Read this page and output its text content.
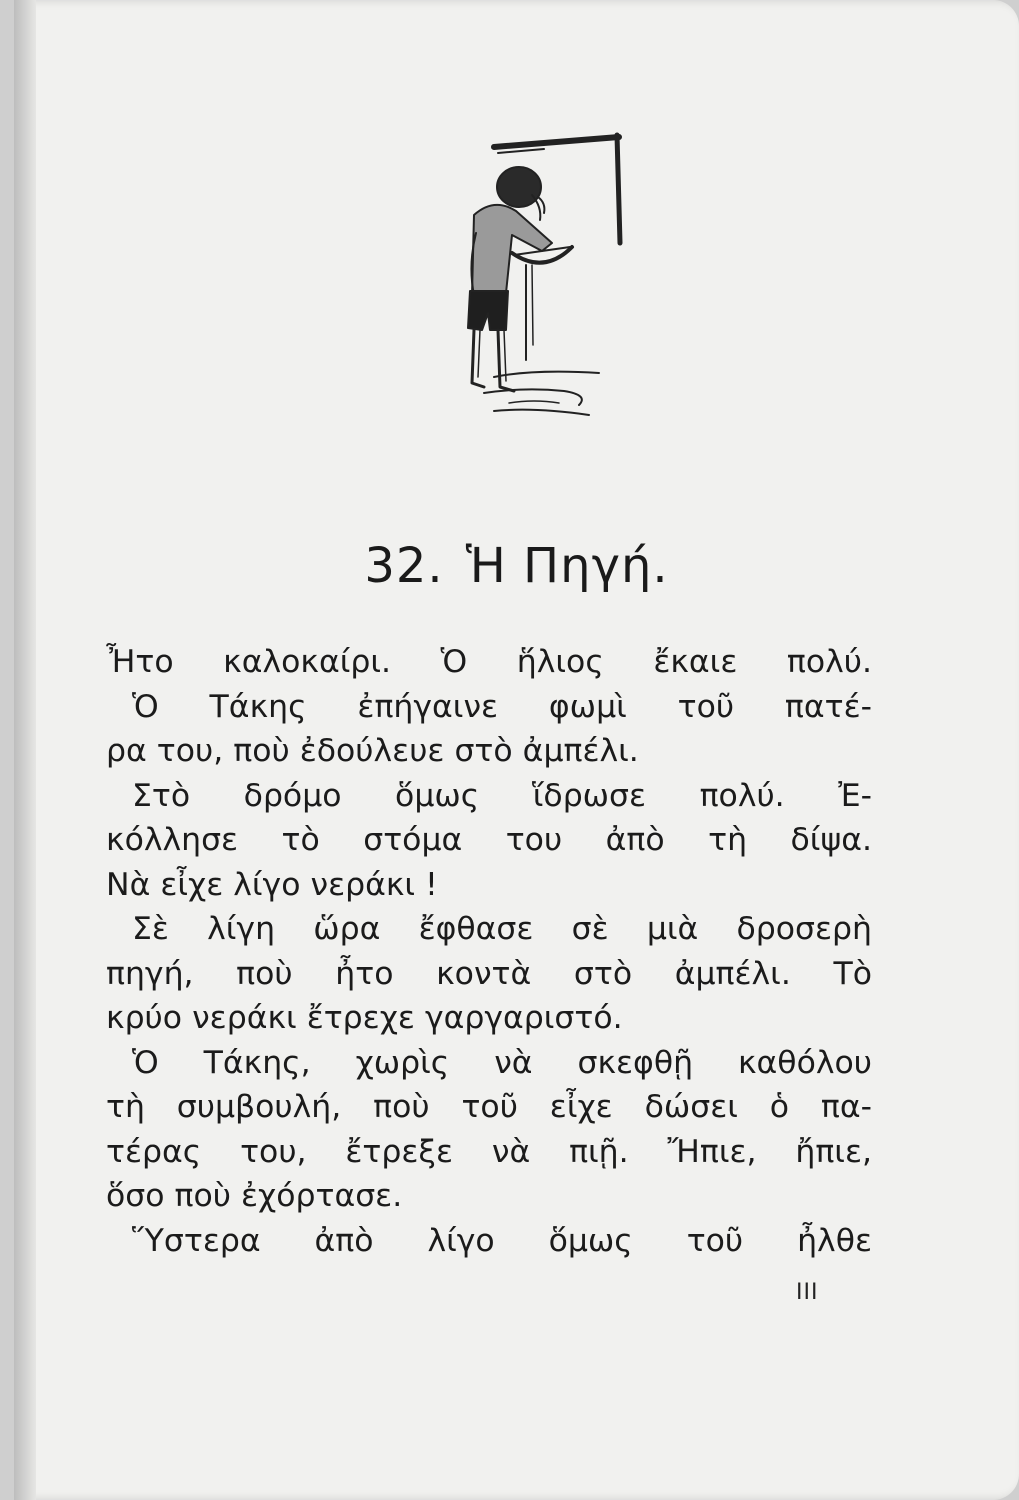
32. Ἡ Πηγή.
Ἦτο καλοκαίρι. Ὁ ἥλιος ἔκαιε πολύ.
Ὁ Τάκης ἐπήγαινε φωμὶ τοῦ πατέ-
ρα του, ποὺ ἐδούλευε στὸ ἀμπέλι.
Στὸ δρόμο ὅμως ἵδρωσε πολύ. Ἐ-
κόλλησε τὸ στόμα του ἀπὸ τὴ δίψα.
Νὰ εἶχε λίγο νεράκι !
Σὲ λίγη ὥρα ἔφθασε σὲ μιὰ δροσερὴ
πηγή, ποὺ ἦτο κοντὰ στὸ ἀμπέλι. Τὸ
κρύο νεράκι ἔτρεχε γαργαριστό.
Ὁ Τάκης, χωρὶς νὰ σκεφθῇ καθόλου
τὴ συμβουλή, ποὺ τοῦ εἶχε δώσει ὁ πα-
τέρας του, ἔτρεξε νὰ πιῇ. Ἤπιε, ἤπιε,
ὅσο ποὺ ἐχόρτασε.
Ὕστερα ἀπὸ λίγο ὅμως τοῦ ἦλθε
III
